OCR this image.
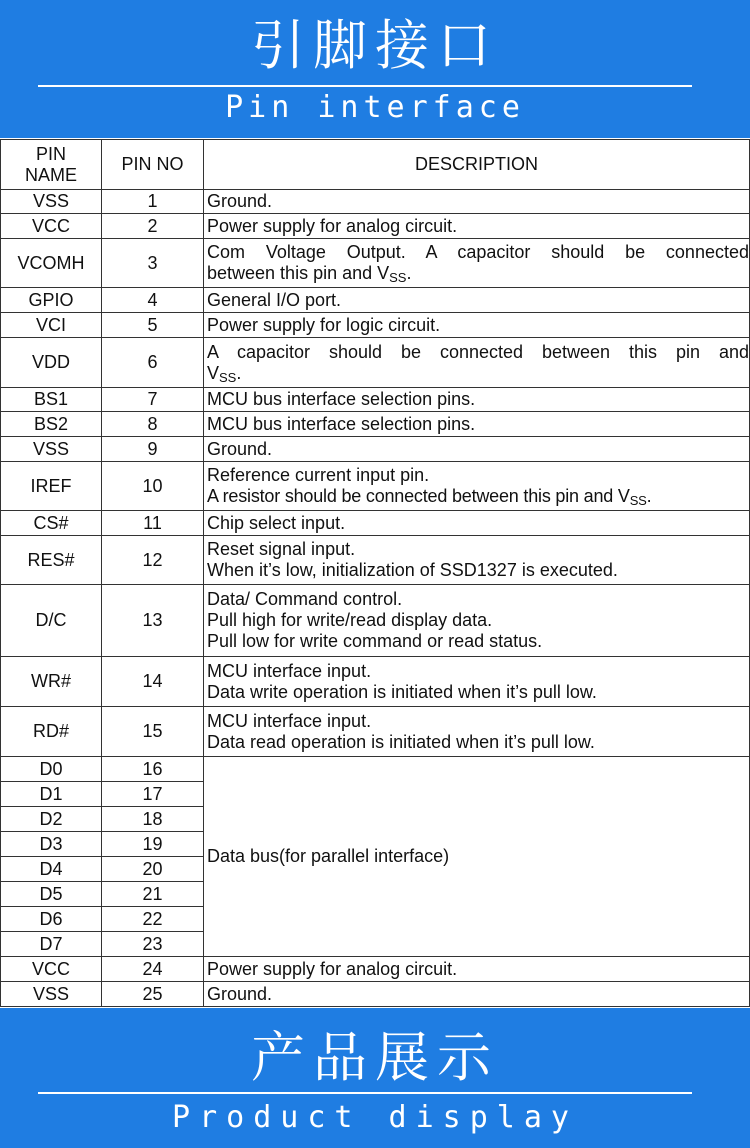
引脚接口
Pin interface
PIN
NAME	PIN NO	DESCRIPTION
VSS	1	Ground.
VCC	2	Power supply for analog circuit.
VCOMH	3	Com Voltage Output. A capacitor should be connected
between this pin and $V_{SS}$.

GPIO	4	General I/O port.
VCI	5	Power supply for logic circuit.
VDD	6	A capacitor should be connected between this pin and
$V_{SS}$.

BS1	7	MCU bus interface selection pins.
BS2	8	MCU bus interface selection pins.
VSS	9	Ground.
IREF	10	Reference current input pin.
A resistor should be connected between this pin and $V_{SS}$.

CS#	11	Chip select input.
RES#	12	Reset signal input.
When it’s low, initialization of SSD1327 is executed.

D/C	13	Data/ Command control.
Pull high for write/read display data.
Pull low for write command or read status.

WR#	14	MCU interface input.
Data write operation is initiated when it’s pull low.

RD#	15	MCU interface input.
Data read operation is initiated when it’s pull low.

D0	16	Data bus(for parallel interface)
D1	17	
D2	18	
D3	19	
D4	20	
D5	21	
D6	22	
D7	23	
VCC	24	Power supply for analog circuit.
VSS	25	Ground.
产品展示
Product display
